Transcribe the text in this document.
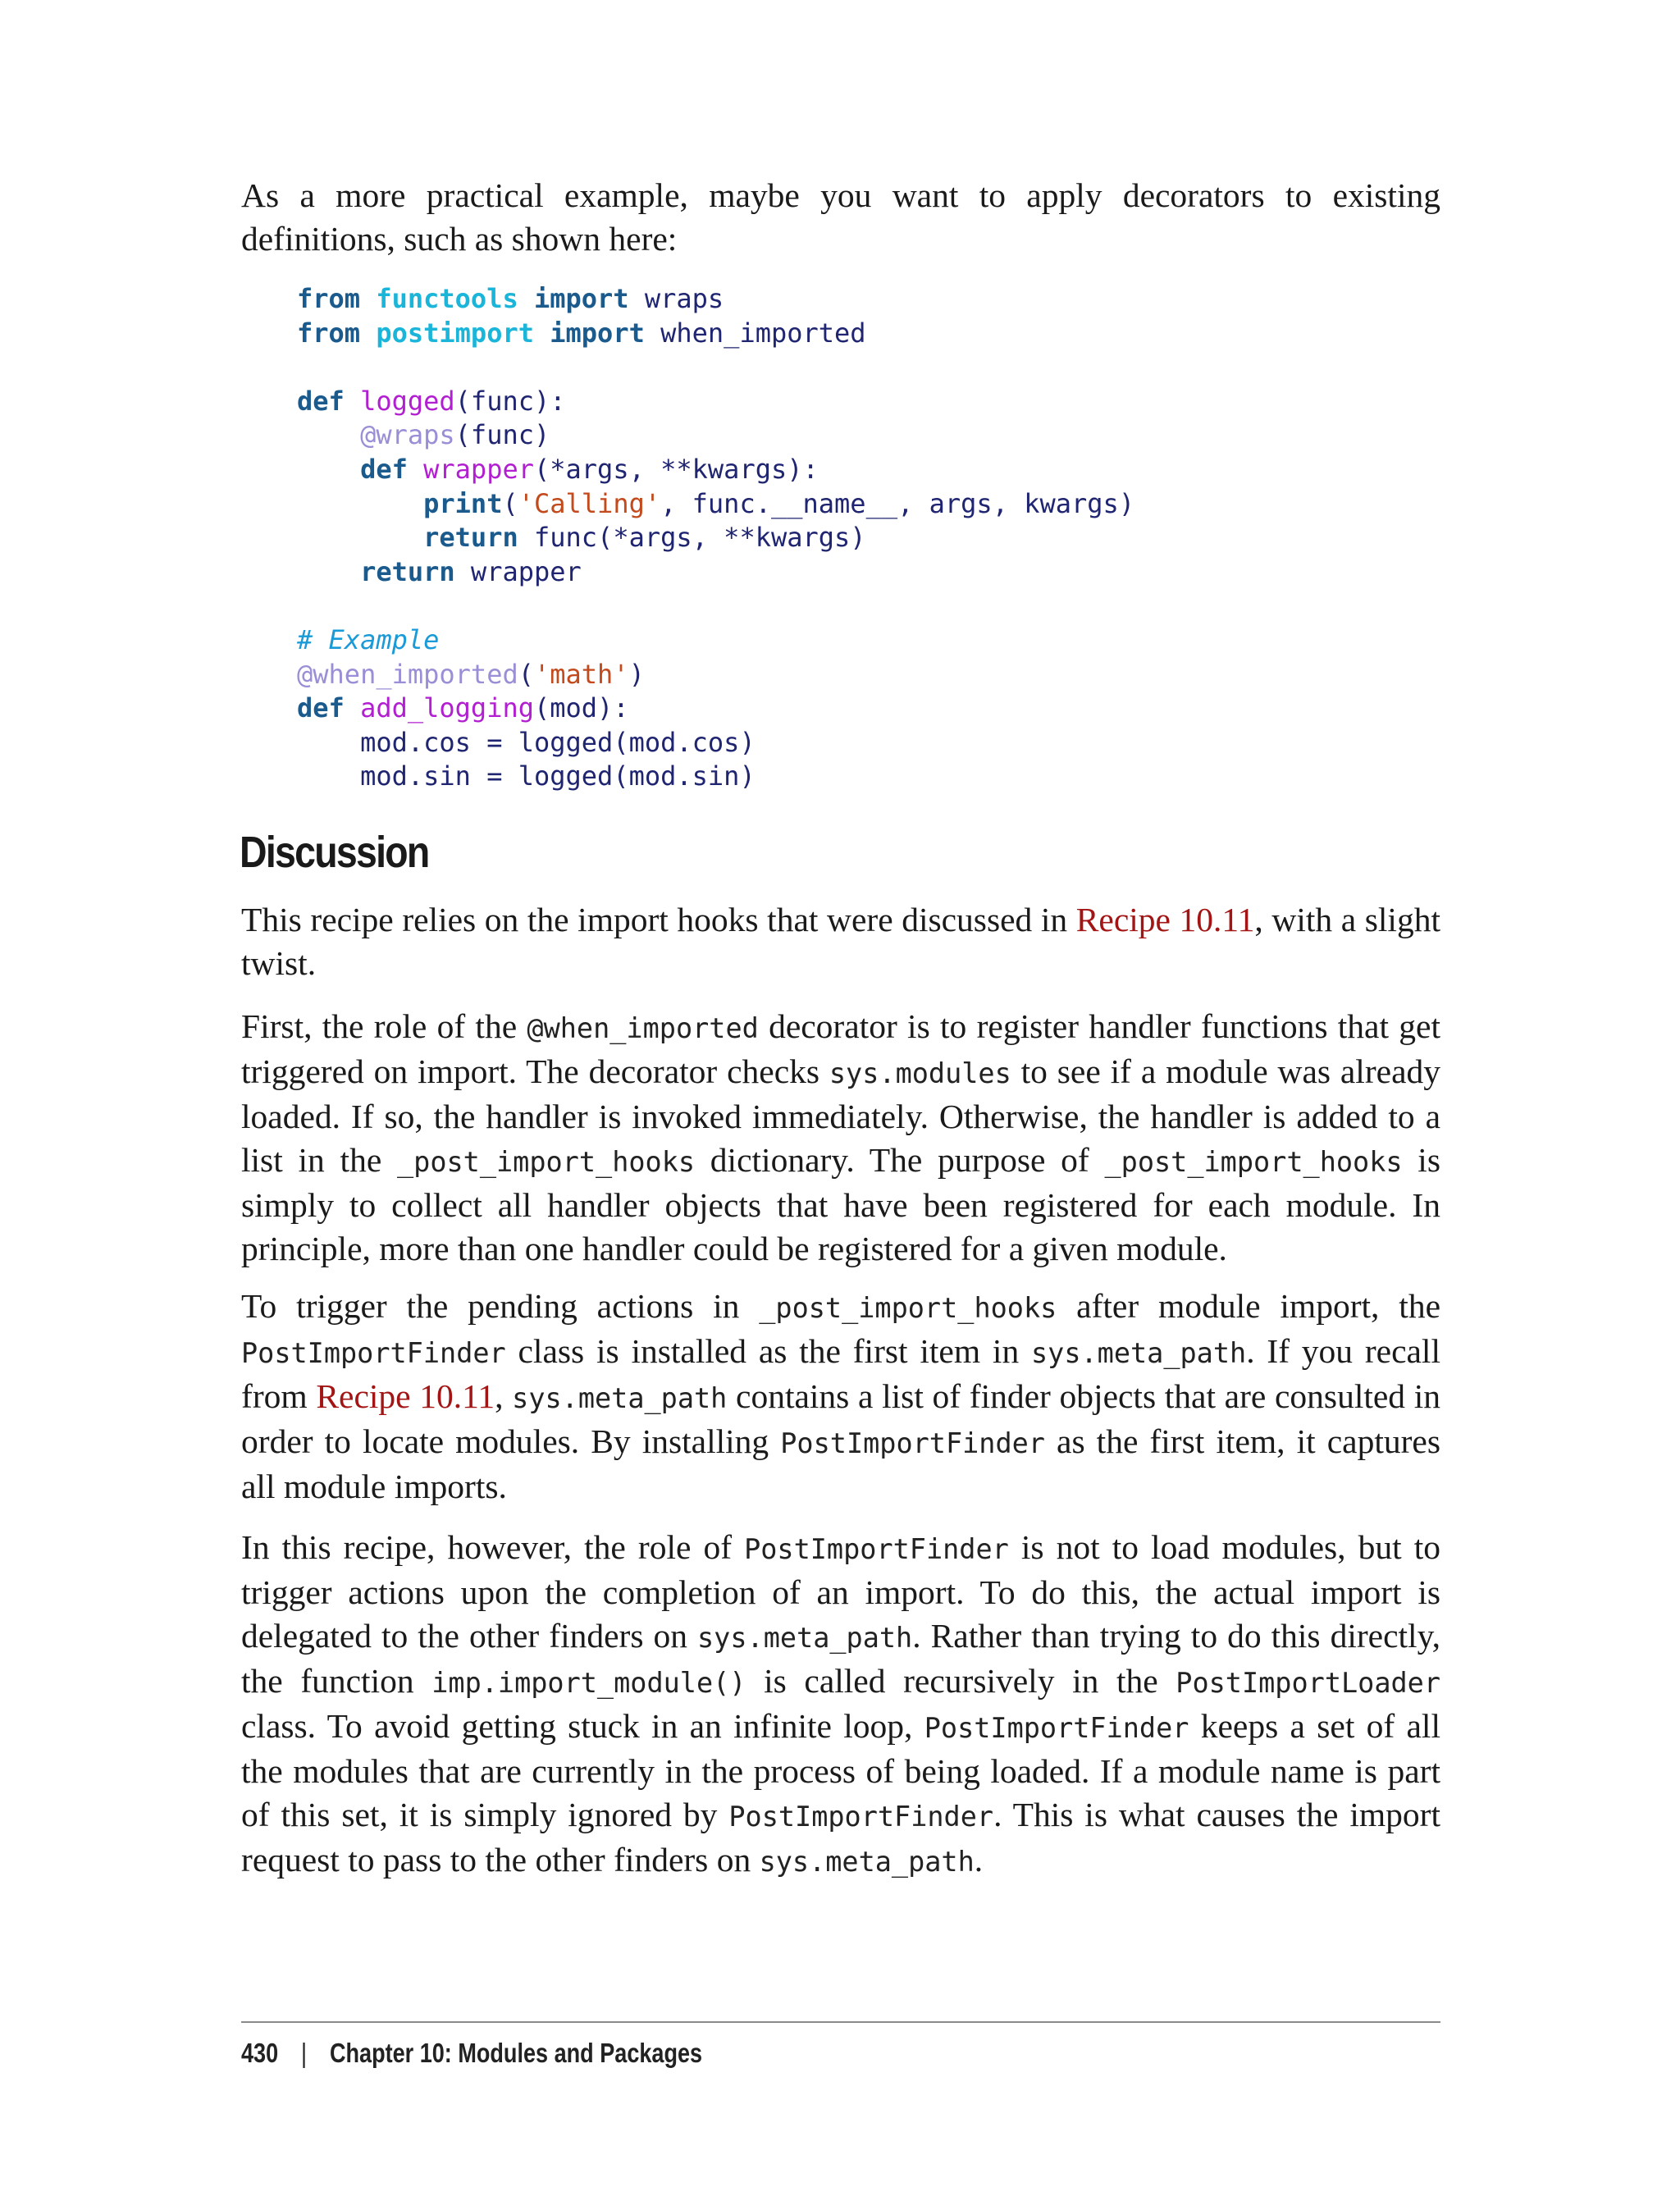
As a more practical example, maybe you want to apply decorators to existing definitions, such as shown here:

from functools import wraps
from postimport import when_imported

def logged(func):
@wraps(func)
def wrapper(*args, **kwargs):
print('Calling', func.__name__, args, kwargs)
return func(*args, **kwargs)
return wrapper

# Example
@when_imported('math')
def add_logging(mod):
mod.cos = logged(mod.cos)
mod.sin = logged(mod.sin)
Discussion

This recipe relies on the import hooks that were discussed in Recipe 10.11, with a slight twist.

First, the role of the @when_imported decorator is to register handler functions that get triggered on import. The decorator checks sys.modules to see if a module was already loaded. If so, the handler is invoked immediately. Otherwise, the handler is added to a list in the _post_import_hooks dictionary. The purpose of _post_import_hooks is simply to collect all handler objects that have been registered for each module. In principle, more than one handler could be registered for a given module.

To trigger the pending actions in _post_import_hooks after module import, the PostImportFinder class is installed as the first item in sys.meta_path. If you recall from Recipe 10.11, sys.meta_path contains a list of finder objects that are consulted in order to locate modules. By installing PostImportFinder as the first item, it captures all module imports.

In this recipe, however, the role of PostImportFinder is not to load modules, but to trigger actions upon the completion of an import. To do this, the actual import is delegated to the other finders on sys.meta_path. Rather than trying to do this directly, the function imp.import_module() is called recursively in the PostImportLoader class. To avoid getting stuck in an infinite loop, PostImportFinder keeps a set of all the modules that are currently in the process of being loaded. If a module name is part of this set, it is simply ignored by PostImportFinder. This is what causes the import request to pass to the other finders on sys.meta_path.

430 | Chapter 10: Modules and Packages
